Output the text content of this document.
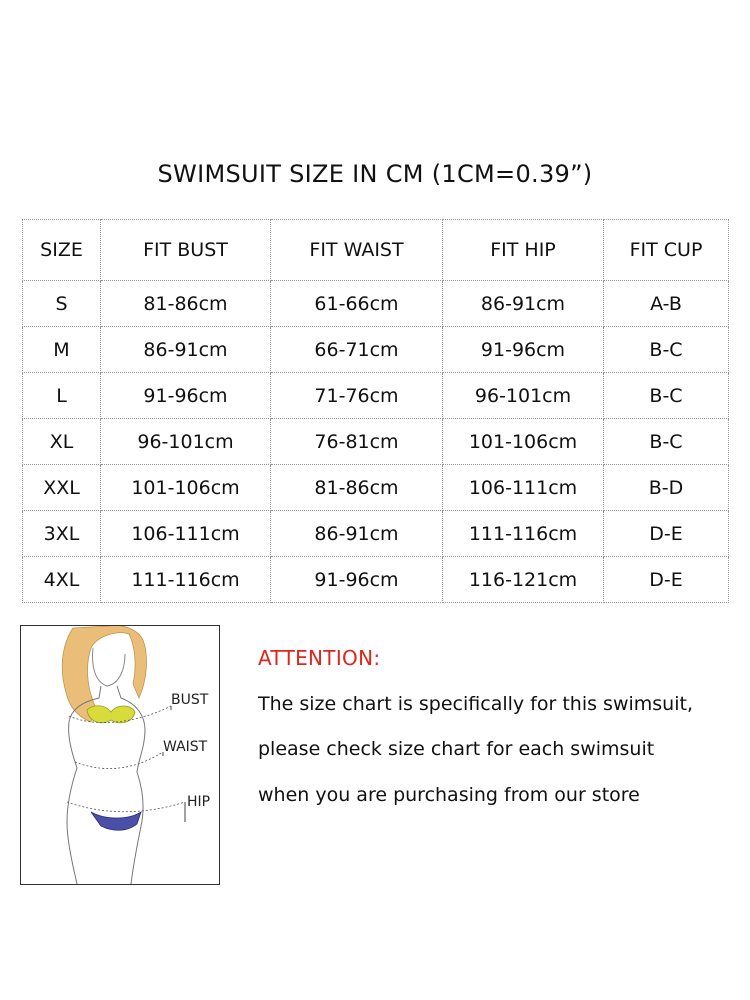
SWIMSUIT SIZE IN CM (1CM=0.39”)
SIZE	FIT BUST	FIT WAIST	FIT HIP	FIT CUP
S	81-86cm	61-66cm	86-91cm	A-B
M	86-91cm	66-71cm	91-96cm	B-C
L	91-96cm	71-76cm	96-101cm	B-C
XL	96-101cm	76-81cm	101-106cm	B-C
XXL	101-106cm	81-86cm	106-111cm	B-D
3XL	106-111cm	86-91cm	111-116cm	D-E
4XL	111-116cm	91-96cm	116-121cm	D-E
BUST
WAIST
HIP
ATTENTION:
The size chart is specifically for this swimsuit,
please check size chart for each swimsuit
when you are purchasing from our store
